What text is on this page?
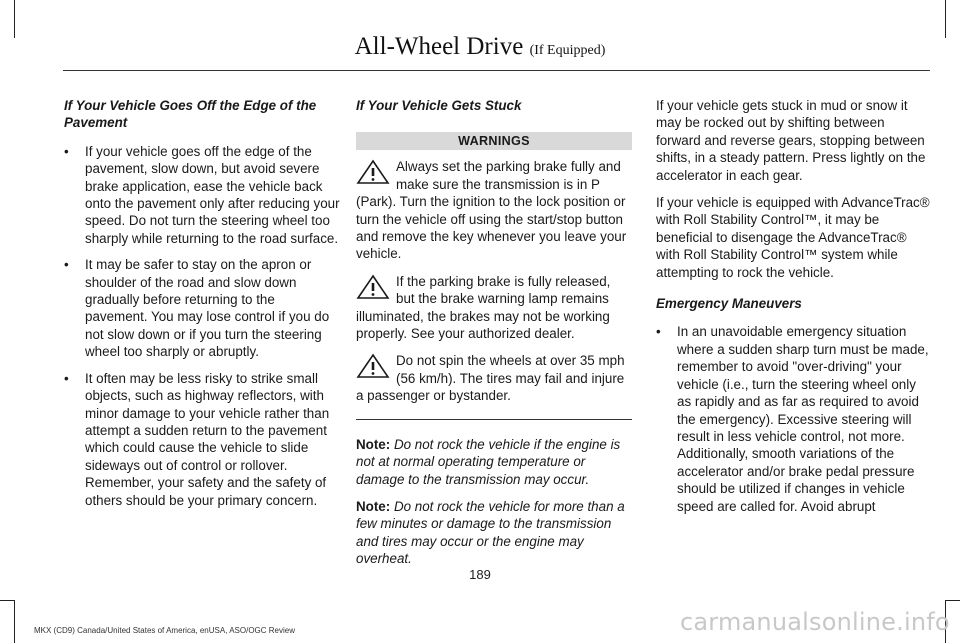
All-Wheel Drive (If Equipped)
If Your Vehicle Goes Off the Edge of the Pavement
• If your vehicle goes off the edge of the pavement, slow down, but avoid severe brake application, ease the vehicle back onto the pavement only after reducing your speed. Do not turn the steering wheel too sharply while returning to the road surface.
• It may be safer to stay on the apron or shoulder of the road and slow down gradually before returning to the pavement. You may lose control if you do not slow down or if you turn the steering wheel too sharply or abruptly.
• It often may be less risky to strike small objects, such as highway reflectors, with minor damage to your vehicle rather than attempt a sudden return to the pavement which could cause the vehicle to slide sideways out of control or rollover. Remember, your safety and the safety of others should be your primary concern.
If Your Vehicle Gets Stuck
WARNINGS
Always set the parking brake fully and make sure the transmission is in P (Park). Turn the ignition to the lock position or turn the vehicle off using the start/stop button and remove the key whenever you leave your vehicle.
If the parking brake is fully released, but the brake warning lamp remains illuminated, the brakes may not be working properly. See your authorized dealer.
Do not spin the wheels at over 35 mph (56 km/h). The tires may fail and injure a passenger or bystander.
Note: Do not rock the vehicle if the engine is not at normal operating temperature or damage to the transmission may occur.
Note: Do not rock the vehicle for more than a few minutes or damage to the transmission and tires may occur or the engine may overheat.
If your vehicle gets stuck in mud or snow it may be rocked out by shifting between forward and reverse gears, stopping between shifts, in a steady pattern. Press lightly on the accelerator in each gear.
If your vehicle is equipped with AdvanceTrac® with Roll Stability Control™, it may be beneficial to disengage the AdvanceTrac® with Roll Stability Control™ system while attempting to rock the vehicle.
Emergency Maneuvers
• In an unavoidable emergency situation where a sudden sharp turn must be made, remember to avoid "over-driving" your vehicle (i.e., turn the steering wheel only as rapidly and as far as required to avoid the emergency). Excessive steering will result in less vehicle control, not more. Additionally, smooth variations of the accelerator and/or brake pedal pressure should be utilized if changes in vehicle speed are called for. Avoid abrupt
189
MKX (CD9) Canada/United States of America, enUSA, ASO/OGC Review	carmanualsonline.info
